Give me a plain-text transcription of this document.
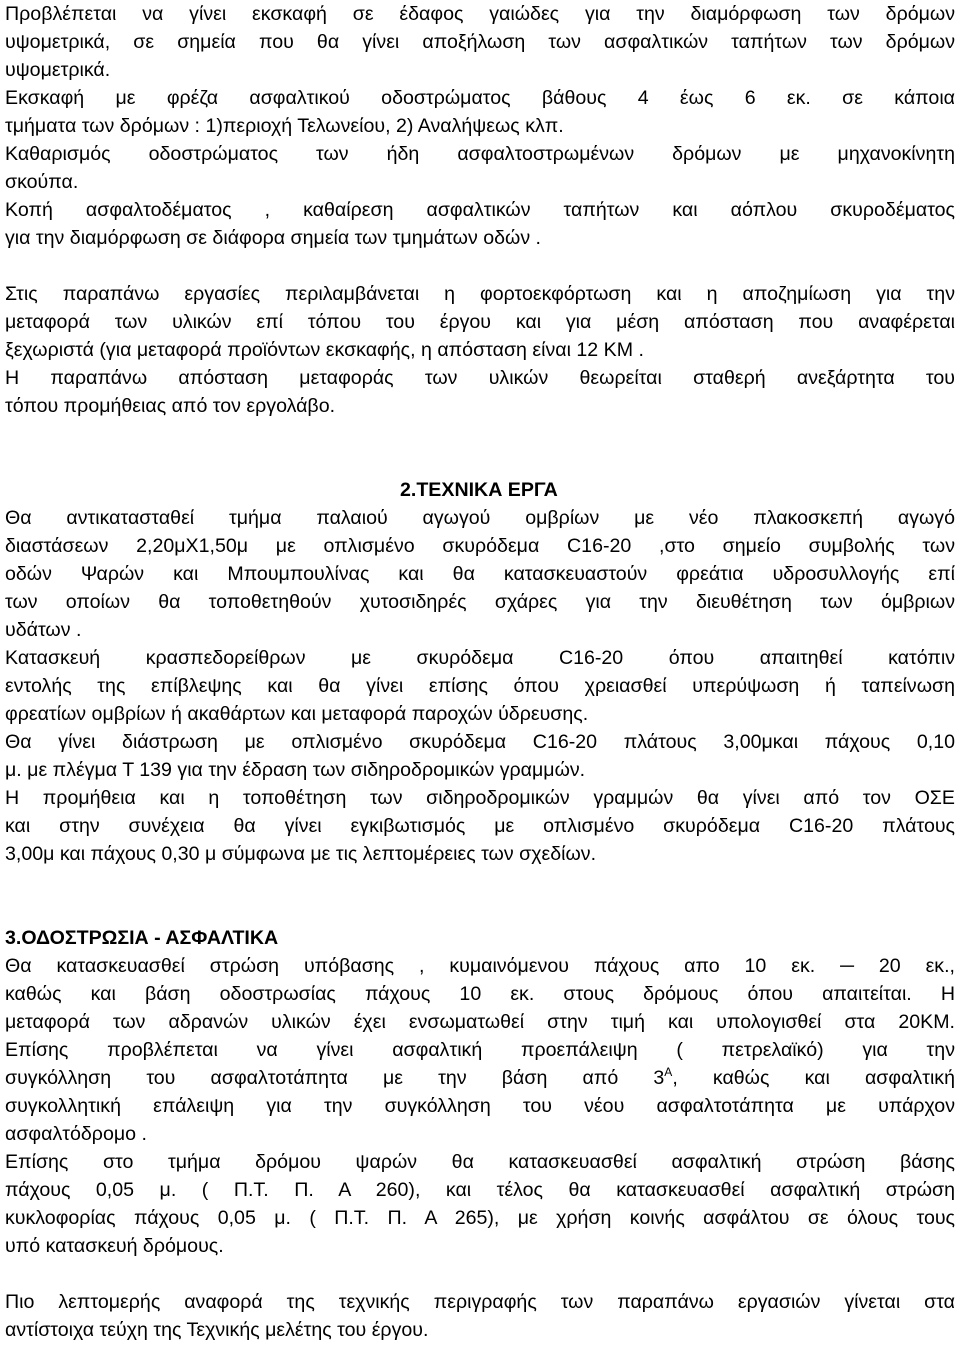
Προβλέπεται να γίνει εκσκαφή σε έδαφος γαιώδες για την διαμόρφωση των δρόμων
υψομετρικά, σε σημεία που θα γίνει αποξήλωση των ασφαλτικών ταπήτων των δρόμων
υψομετρικά.
Εκσκαφή με φρέζα ασφαλτικού οδοστρώματος βάθους 4 έως 6 εκ. σε κάποια
τμήματα των δρόμων : 1)περιοχή Τελωνείου, 2) Αναλήψεως κλπ.
Καθαρισμός οδοστρώματος των ήδη ασφαλτοστρωμένων δρόμων με μηχανοκίνητη
σκούπα.
Κοπή ασφαλτοδέματος , καθαίρεση ασφαλτικών ταπήτων και αόπλου σκυροδέματος
για την διαμόρφωση σε διάφορα σημεία των τμημάτων οδών .
Στις παραπάνω εργασίες περιλαμβάνεται η φορτοεκφόρτωση και η αποζημίωση για την
μεταφορά των υλικών επί τόπου του έργου και για μέση απόσταση που αναφέρεται
ξεχωριστά (για μεταφορά προϊόντων εκσκαφής, η απόσταση είναι 12 ΚΜ .
Η παραπάνω απόσταση μεταφοράς των υλικών θεωρείται σταθερή ανεξάρτητα του
τόπου προμήθειας από τον εργολάβο.
2.ΤΕΧΝΙΚΑ ΕΡΓΑ
Θα αντικατασταθεί τμήμα παλαιού αγωγού ομβρίων με νέο πλακοσκεπή αγωγό
διαστάσεων 2,20μΧ1,50μ με οπλισμένο σκυρόδεμα C16-20 ,στο σημείο συμβολής των
οδών Ψαρών και Μπουμπουλίνας και θα κατασκευαστούν φρεάτια υδροσυλλογής επί
των οποίων θα τοποθετηθούν χυτοσιδηρές σχάρες για την διευθέτηση των όμβριων
υδάτων .
Κατασκευή κρασπεδορείθρων με σκυρόδεμα C16-20 όπου απαιτηθεί κατόπιν
εντολής της επίβλεψης και θα γίνει επίσης όπου χρειασθεί υπερύψωση ή ταπείνωση
φρεατίων ομβρίων ή ακαθάρτων και μεταφορά παροχών ύδρευσης.
Θα γίνει διάστρωση με οπλισμένο σκυρόδεμα C16-20 πλάτους 3,00μκαι πάχους 0,10
μ. με πλέγμα Τ 139 για την έδραση των σιδηροδρομικών γραμμών.
Η προμήθεια και η τοποθέτηση των σιδηροδρομικών γραμμών θα γίνει από τον ΟΣΕ
και στην συνέχεια θα γίνει εγκιβωτισμός με οπλισμένο σκυρόδεμα C16-20 πλάτους
3,00μ και πάχους 0,30 μ σύμφωνα με τις λεπτομέρειες των σχεδίων.
3.ΟΔΟΣΤΡΩΣΙΑ - ΑΣΦΑΛΤΙΚΑ
Θα κατασκευασθεί στρώση υπόβασης , κυμαινόμενου πάχους απο 10 εκ. ─ 20 εκ.,
καθώς και βάση οδοστρωσίας πάχους 10 εκ. στους δρόμους όπου απαιτείται. Η
μεταφορά των αδρανών υλικών έχει ενσωματωθεί στην τιμή και υπολογισθεί στα 20ΚΜ.
Επίσης προβλέπεται να γίνει ασφαλτική προεπάλειψη ( πετρελαϊκό) για την
συγκόλληση του ασφαλτοτάπητα με την βάση από $3^A$, καθώς και ασφαλτική
συγκολλητική επάλειψη για την συγκόλληση του νέου ασφαλτοτάπητα με υπάρχον
ασφαλτόδρομο .
Επίσης στο τμήμα δρόμου ψαρών θα κατασκευασθεί ασφαλτική στρώση βάσης
πάχους 0,05 μ. ( Π.Τ. Π. Α 260), και τέλος θα κατασκευασθεί ασφαλτική στρώση
κυκλοφορίας πάχους 0,05 μ. ( Π.Τ. Π. Α 265), με χρήση κοινής ασφάλτου σε όλους τους
υπό κατασκευή δρόμους.
Πιο λεπτομερής αναφορά της τεχνικής περιγραφής των παραπάνω εργασιών γίνεται στα
αντίστοιχα τεύχη της Τεχνικής μελέτης του έργου.
